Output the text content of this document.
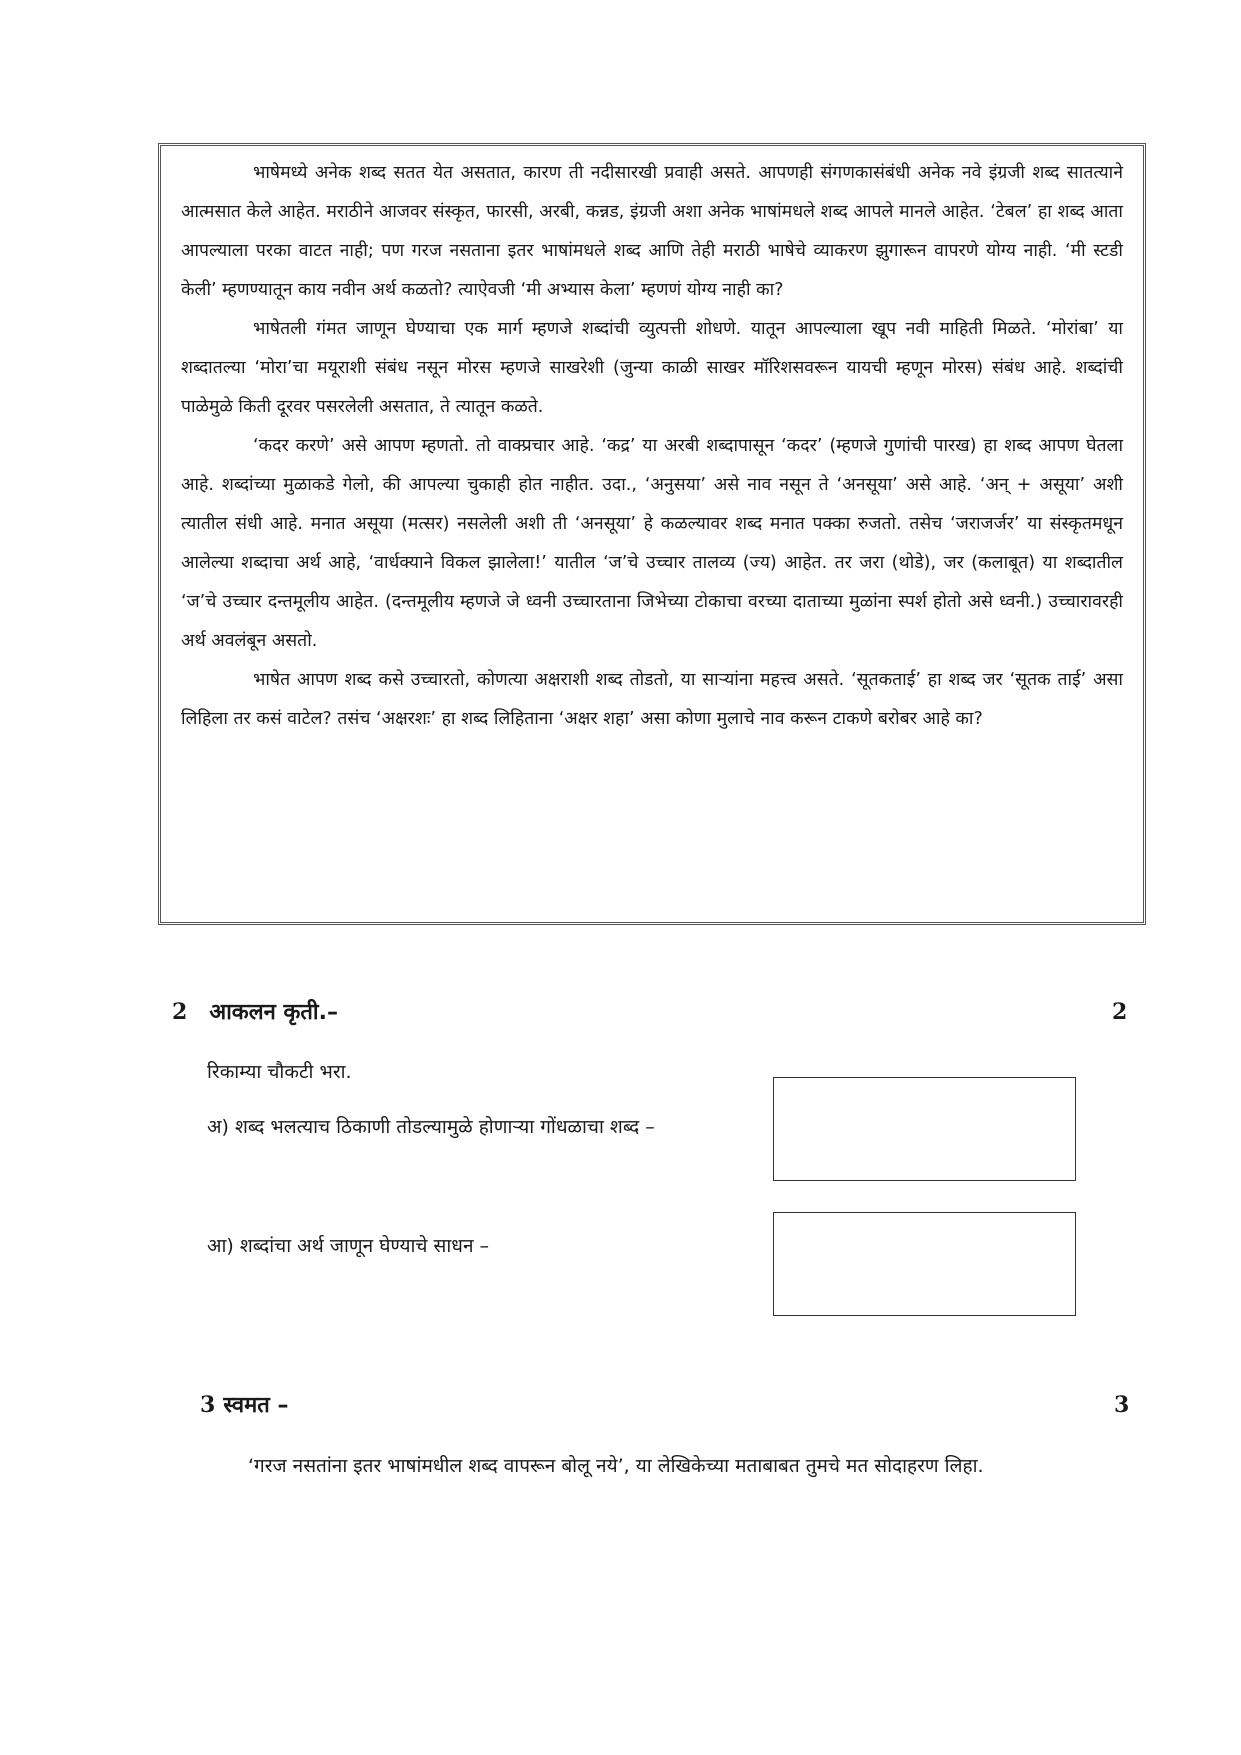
भाषेमध्ये अनेक शब्द सतत येत असतात, कारण ती नदीसारखी प्रवाही असते. आपणही संगणकासंबंधी अनेक नवे इंग्रजी शब्द सातत्याने आत्मसात केले आहेत. मराठीने आजवर संस्कृत, फारसी, अरबी, कन्नड, इंग्रजी अशा अनेक भाषांमधले शब्द आपले मानले आहेत. ‘टेबल’ हा शब्द आता आपल्याला परका वाटत नाही; पण गरज नसताना इतर भाषांमधले शब्द आणि तेही मराठी भाषेचे व्याकरण झुगारून वापरणे योग्य नाही. ‘मी स्टडी केली’ म्हणण्यातून काय नवीन अर्थ कळतो? त्याऐवजी ‘मी अभ्यास केला’ म्हणणं योग्य नाही का?

भाषेतली गंमत जाणून घेण्याचा एक मार्ग म्हणजे शब्दांची व्युत्पत्ती शोधणे. यातून आपल्याला खूप नवी माहिती मिळते. ‘मोरांबा’ या शब्दातल्या ‘मोरा’चा मयूराशी संबंध नसून मोरस म्हणजे साखरेशी (जुन्या काळी साखर मॉरिशसवरून यायची म्हणून मोरस) संबंध आहे. शब्दांची पाळेमुळे किती दूरवर पसरलेली असतात, ते त्यातून कळते.

‘कदर करणे’ असे आपण म्हणतो. तो वाक्प्रचार आहे. ‘कद्र’ या अरबी शब्दापासून ‘कदर’ (म्हणजे गुणांची पारख) हा शब्द आपण घेतला आहे. शब्दांच्या मुळाकडे गेलो, की आपल्या चुकाही होत नाहीत. उदा., ‘अनुसया’ असे नाव नसून ते ‘अनसूया’ असे आहे. ‘अन् + असूया’ अशी त्यातील संधी आहे. मनात असूया (मत्सर) नसलेली अशी ती ‘अनसूया’ हे कळल्यावर शब्द मनात पक्का रुजतो. तसेच ‘जराजर्जर’ या संस्कृतमधून आलेल्या शब्दाचा अर्थ आहे, ‘वार्धक्याने विकल झालेला!’ यातील ‘ज’चे उच्चार तालव्य (ज्य) आहेत. तर जरा (थोडे), जर (कलाबूत) या शब्दातील ‘ज’चे उच्चार दन्तमूलीय आहेत. (दन्तमूलीय म्हणजे जे ध्वनी उच्चारताना जिभेच्या टोकाचा वरच्या दाताच्या मुळांना स्पर्श होतो असे ध्वनी.) उच्चारावरही अर्थ अवलंबून असतो.

भाषेत आपण शब्द कसे उच्चारतो, कोणत्या अक्षराशी शब्द तोडतो, या साऱ्यांना महत्त्व असते. ‘सूतकताई’ हा शब्द जर ‘सूतक ताई’ असा लिहिला तर कसं वाटेल? तसंच ‘अक्षरशः’ हा शब्द लिहिताना ‘अक्षर शहा’ असा कोणा मुलाचे नाव करून टाकणे बरोबर आहे का?

2 आकलन कृती.–	2
रिकाम्या चौकटी भरा.
अ) शब्द भलत्याच ठिकाणी तोडल्यामुळे होणाऱ्या गोंधळाचा शब्द –
आ) शब्दांचा अर्थ जाणून घेण्याचे साधन –
3 स्वमत –	3
‘गरज नसतांना इतर भाषांमधील शब्द वापरून बोलू नये’, या लेखिकेच्या मताबाबत तुमचे मत सोदाहरण लिहा.
